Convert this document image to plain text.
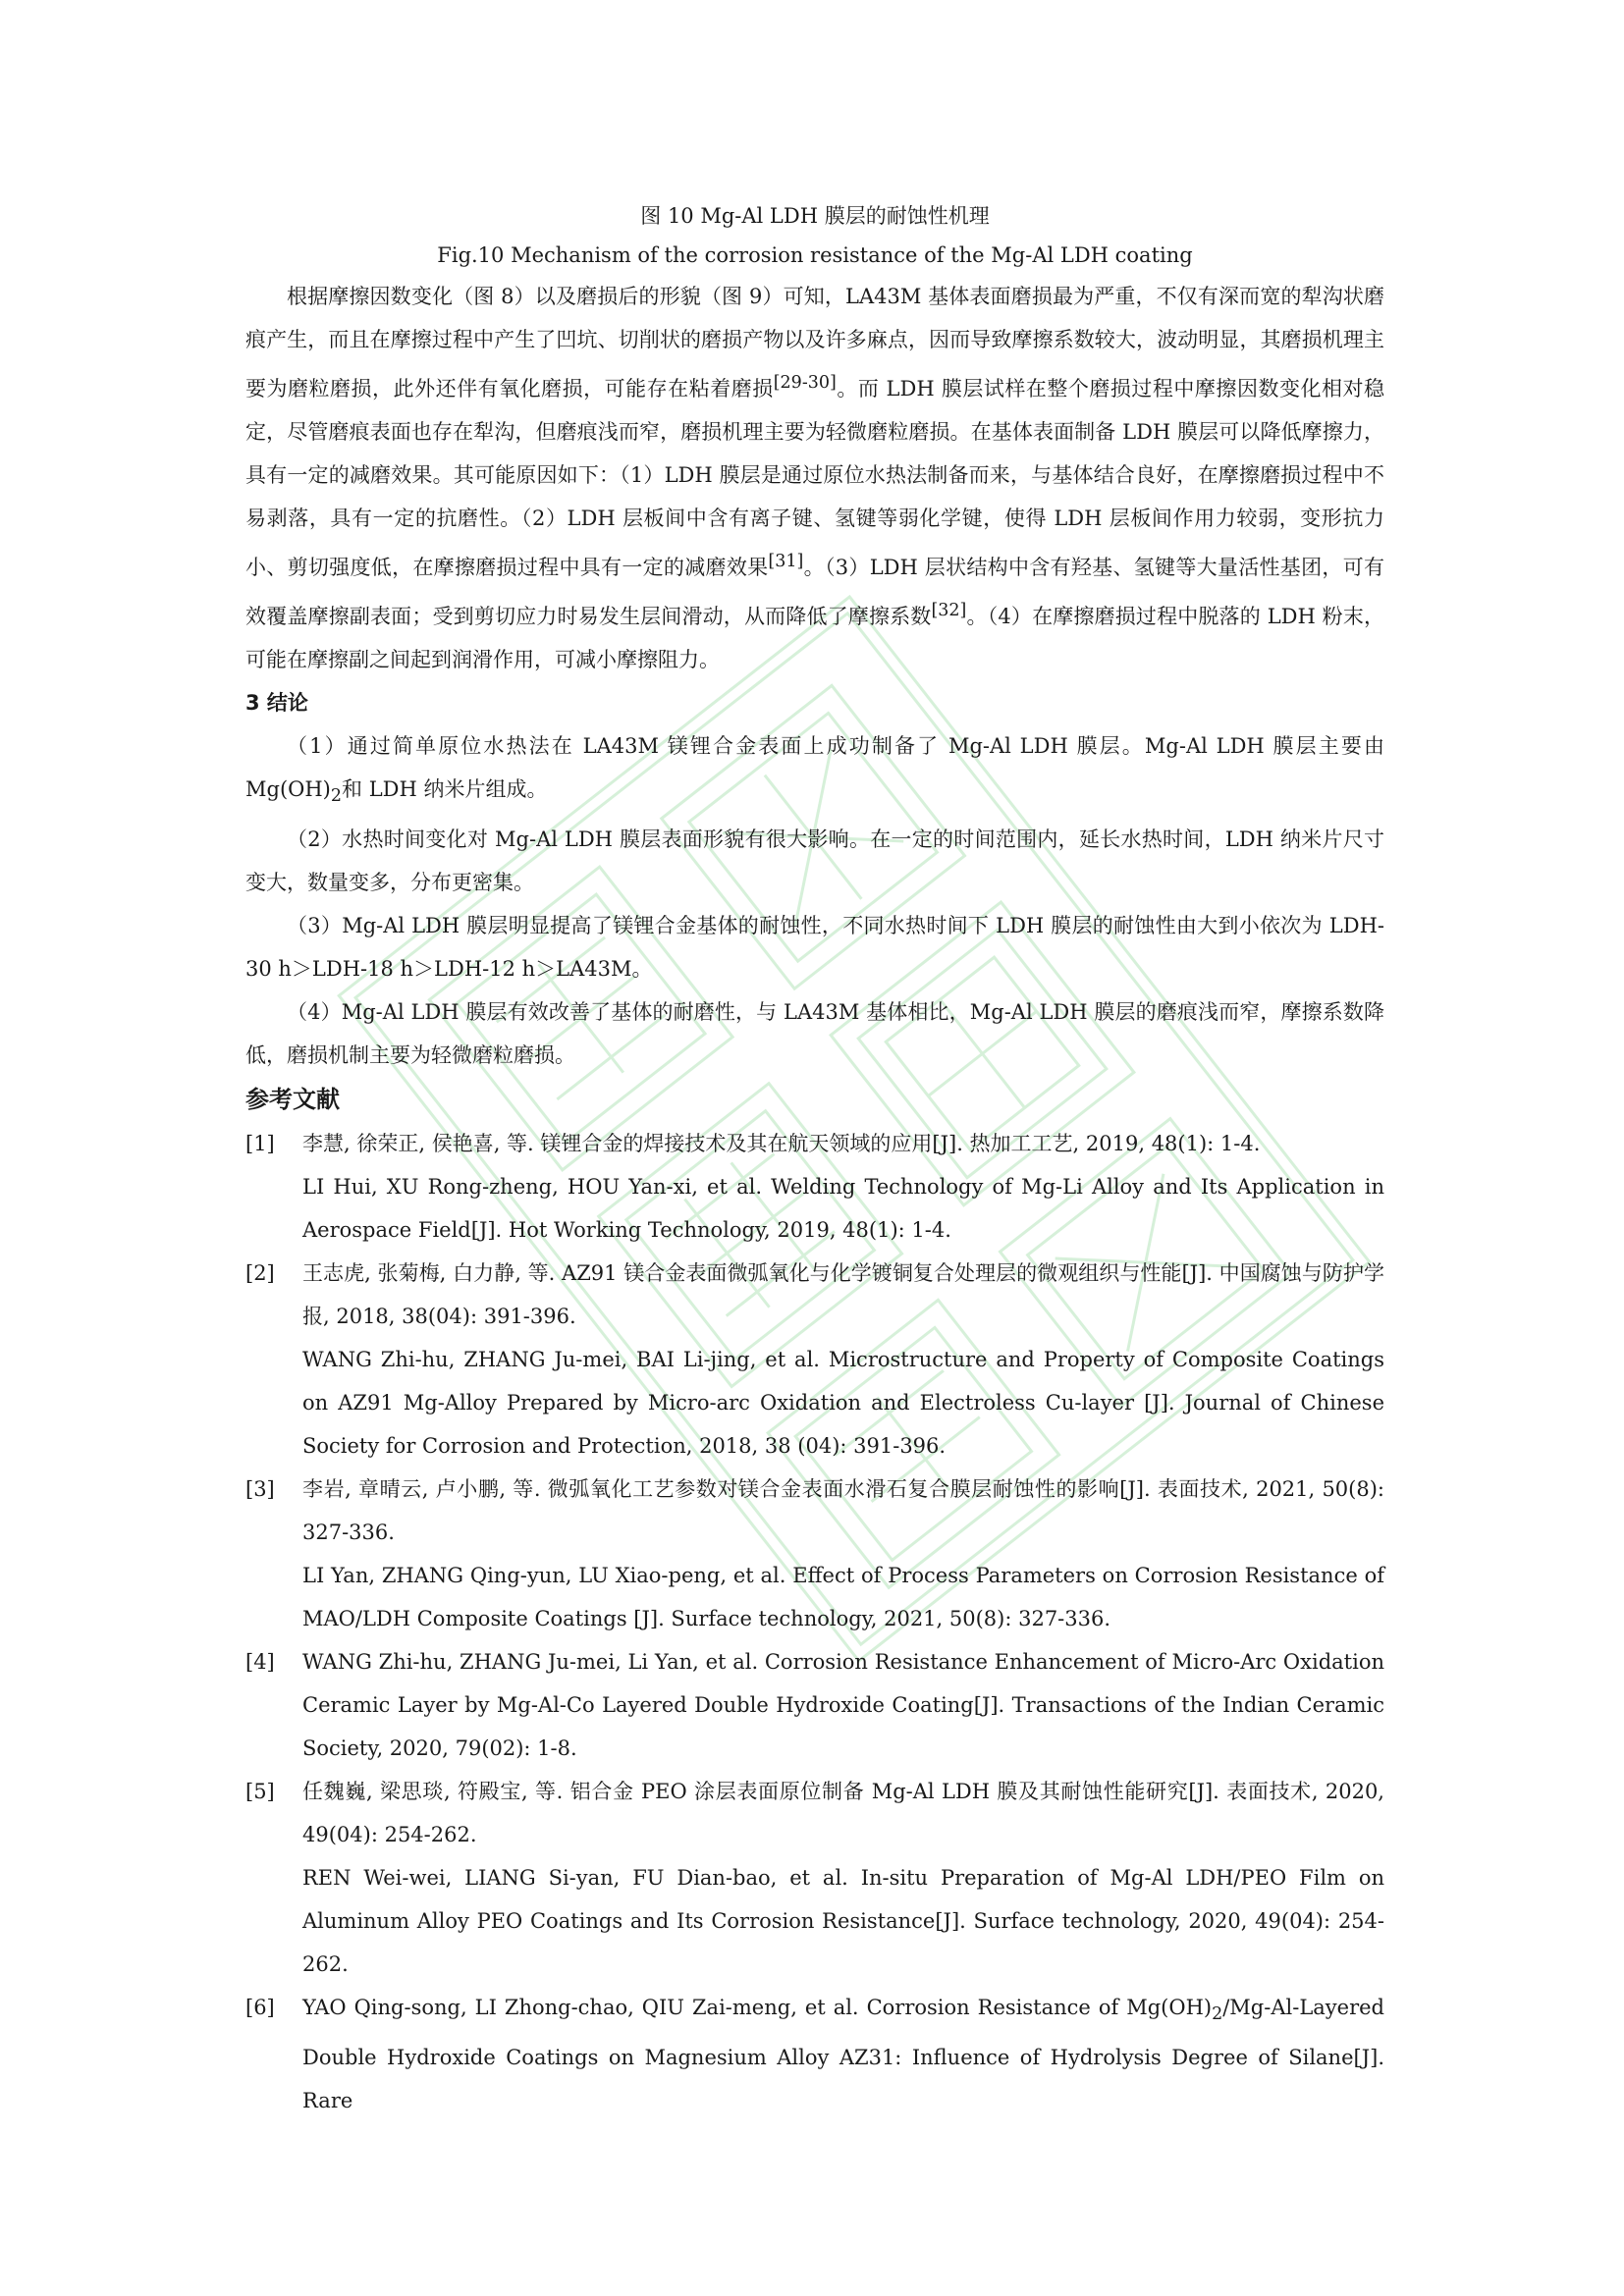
图 10 Mg-Al LDH 膜层的耐蚀性机理
Fig.10 Mechanism of the corrosion resistance of the Mg-Al LDH coating

根据摩擦因数变化（图 8）以及磨损后的形貌（图 9）可知，LA43M 基体表面磨损最为严重，不仅有深而宽的犁沟状磨痕产生，而且在摩擦过程中产生了凹坑、切削状的磨损产物以及许多麻点，因而导致摩擦系数较大，波动明显，其磨损机理主要为磨粒磨损，此外还伴有氧化磨损，可能存在粘着磨损[29-30]。而 LDH 膜层试样在整个磨损过程中摩擦因数变化相对稳定，尽管磨痕表面也存在犁沟，但磨痕浅而窄，磨损机理主要为轻微磨粒磨损。在基体表面制备 LDH 膜层可以降低摩擦力，具有一定的减磨效果。其可能原因如下：（1）LDH 膜层是通过原位水热法制备而来，与基体结合良好，在摩擦磨损过程中不易剥落，具有一定的抗磨性。（2）LDH 层板间中含有离子键、氢键等弱化学键，使得 LDH 层板间作用力较弱，变形抗力小、剪切强度低，在摩擦磨损过程中具有一定的减磨效果[31]。（3）LDH 层状结构中含有羟基、氢键等大量活性基团，可有效覆盖摩擦副表面；受到剪切应力时易发生层间滑动，从而降低了摩擦系数[32]。（4）在摩擦磨损过程中脱落的 LDH 粉末，可能在摩擦副之间起到润滑作用，可减小摩擦阻力。

3 结论

（1）通过简单原位水热法在 LA43M 镁锂合金表面上成功制备了 Mg-Al LDH 膜层。Mg-Al LDH 膜层主要由 $Mg(OH)_2$和 LDH 纳米片组成。

（2）水热时间变化对 Mg-Al LDH 膜层表面形貌有很大影响。在一定的时间范围内，延长水热时间，LDH 纳米片尺寸变大，数量变多，分布更密集。

（3）Mg-Al LDH 膜层明显提高了镁锂合金基体的耐蚀性，不同水热时间下 LDH 膜层的耐蚀性由大到小依次为 LDH-30 h＞LDH-18 h＞LDH-12 h＞LA43M。

（4）Mg-Al LDH 膜层有效改善了基体的耐磨性，与 LA43M 基体相比，Mg-Al LDH 膜层的磨痕浅而窄，摩擦系数降低，磨损机制主要为轻微磨粒磨损。

参考文献

[1]	李慧, 徐荣正, 侯艳喜, 等. 镁锂合金的焊接技术及其在航天领域的应用[J]. 热加工工艺, 2019, 48(1): 1-4.

LI Hui, XU Rong-zheng, HOU Yan-xi, et al. Welding Technology of Mg-Li Alloy and Its Application in Aerospace Field[J]. Hot Working Technology, 2019, 48(1): 1-4.

[2]	王志虎, 张菊梅, 白力静, 等. AZ91 镁合金表面微弧氧化与化学镀铜复合处理层的微观组织与性能[J]. 中国腐蚀与防护学报, 2018, 38(04): 391-396.

WANG Zhi-hu, ZHANG Ju-mei, BAI Li-jing, et al. Microstructure and Property of Composite Coatings on AZ91 Mg-Alloy Prepared by Micro-arc Oxidation and Electroless Cu-layer [J]. Journal of Chinese Society for Corrosion and Protection, 2018, 38 (04): 391-396.

[3]	李岩, 章晴云, 卢小鹏, 等. 微弧氧化工艺参数对镁合金表面水滑石复合膜层耐蚀性的影响[J]. 表面技术, 2021, 50(8): 327-336.

LI Yan, ZHANG Qing-yun, LU Xiao-peng, et al. Effect of Process Parameters on Corrosion Resistance of MAO/LDH Composite Coatings [J]. Surface technology, 2021, 50(8): 327-336.

[4]	WANG Zhi-hu, ZHANG Ju-mei, Li Yan, et al. Corrosion Resistance Enhancement of Micro-Arc Oxidation Ceramic Layer by Mg-Al-Co Layered Double Hydroxide Coating[J]. Transactions of the Indian Ceramic Society, 2020, 79(02): 1-8.

[5]	任魏巍, 梁思琰, 符殿宝, 等. 铝合金 PEO 涂层表面原位制备 Mg-Al LDH 膜及其耐蚀性能研究[J]. 表面技术, 2020, 49(04): 254-262.

REN Wei-wei, LIANG Si-yan, FU Dian-bao, et al. In-situ Preparation of Mg-Al LDH/PEO Film on Aluminum Alloy PEO Coatings and Its Corrosion Resistance[J]. Surface technology, 2020, 49(04): 254-262.

[6]	YAO Qing-song, LI Zhong-chao, QIU Zai-meng, et al. Corrosion Resistance of $Mg(OH)_2/Mg-Al$-Layered Double Hydroxide Coatings on Magnesium Alloy AZ31: Influence of Hydrolysis Degree of Silane[J]. Rare
